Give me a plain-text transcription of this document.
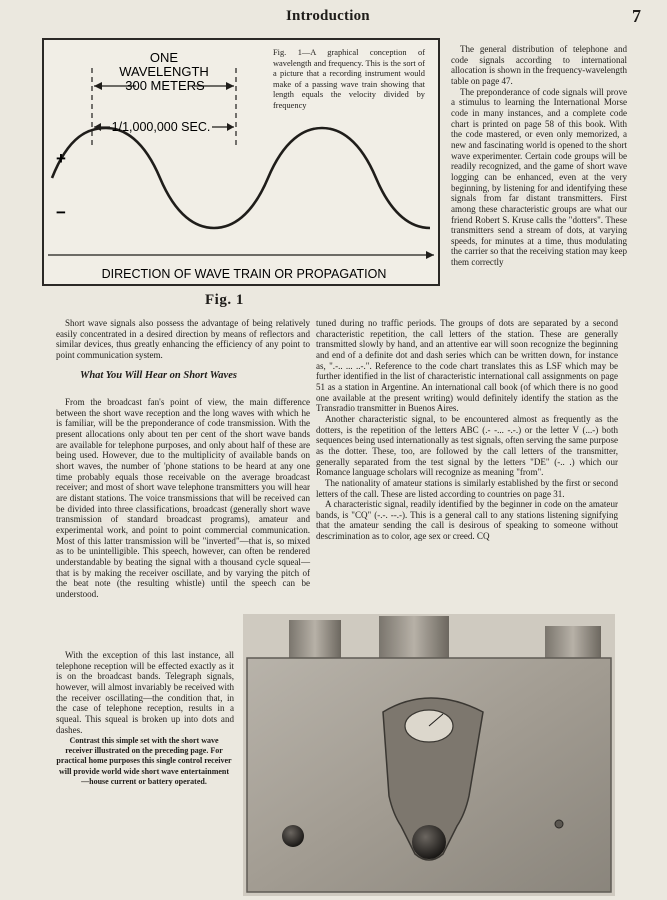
Introduction	7
ONE
WAVELENGTH
300 METERS
1/1,000,000 SEC.
+
−
DIRECTION OF WAVE TRAIN OR PROPAGATION
Fig. 1—A graphical conception of wavelength and frequency. This is the sort of a picture that a recording instrument would make of a passing wave train showing that length equals the velocity divided by frequency
Fig. 1

The general distribution of telephone and code signals according to international allocation is shown in the frequency-wavelength table on page 47.

The preponderance of code signals will prove a stimulus to learning the International Morse code in many instances, and a complete code chart is printed on page 58 of this book. With the code mastered, or even only memorized, a new and fascinating world is opened to the short wave experimenter. Certain code groups will be readily recognized, and the game of short wave logging can be enhanced, even at the very beginning, by listening for and identifying these signals from far distant transmitters. First among these characteristic groups are what our friend Robert S. Kruse calls the "dotters". These transmitters send a stream of dots, at varying speeds, for minutes at a time, thus modulating the carrier so that the receiving station may keep them correctly

Short wave signals also possess the advantage of being relatively easily concentrated in a desired direction by means of reflectors and similar devices, thus greatly enhancing the efficiency of any point to point communication system.

What You Will Hear on Short Waves

From the broadcast fan's point of view, the main difference between the short wave reception and the long waves with which he is familiar, will be the preponderance of code transmission. With the present allocations only about ten per cent of the short wave bands are available for telephone purposes, and only about half of these are being used. However, due to the multiplicity of available bands on short waves, the number of 'phone stations to be heard at any one time probably equals those receivable on the average broadcast receiver; and most of short wave telephone transmitters you will hear are distant stations. The voice transmissions that will be received can be divided into three classifications, broadcast (generally short wave transmission of standard broadcast programs), amateur and experimental work, and point to point commercial communication. Most of this latter transmission will be "inverted"—that is, so mixed as to be unintelligible. This speech, however, can often be rendered understandable by beating the signal with a thousand cycle squeal—that is by making the receiver oscillate, and by varying the pitch of the beat note (the resulting whistle) until the speech can be understood.

With the exception of this last instance, all telephone reception will be effected exactly as it is on the broadcast bands. Telegraph signals, however, will almost invariably be received with the receiver oscillating—the condition that, in the case of telephone reception, results in a squeal. This squeal is broken up into dots and dashes.

Contrast this simple set with the short wave receiver illustrated on the preceding page. For practical home purposes this single control receiver will provide world wide short wave entertainment—house current or battery operated.

tuned during no traffic periods. The groups of dots are separated by a second characteristic repetition, the call letters of the station. These are generally transmitted slowly by hand, and an attentive ear will soon recognize the beginning and end of a definite dot and dash series which can be written down, for instance as, ".-.. ... ..-.". Reference to the code chart translates this as LSF which may be further identified in the list of characteristic international call assignments on page 51 as a station in Argentine. An international call book (of which there is no good one available at the present writing) would definitely identify the station as the Transradio transmitter in Buenos Aires.

Another characteristic signal, to be encountered almost as frequently as the dotters, is the repetition of the letters ABC (.- -... -.-.) or the letter V (...-) both sequences being used internationally as test signals, often serving the same purpose as the dotter. These, too, are followed by the call letters of the transmitter, generally separated from the test signal by the letters "DE" (-.. .) which our Romance language scholars will recognize as meaning "from".

The nationality of amateur stations is similarly established by the first or second letters of the call. These are listed according to countries on page 31.

A characteristic signal, readily identified by the beginner in code on the amateur bands, is "CQ" (-.-. --.-). This is a general call to any stations listening signifying that the amateur sending the call is desirous of speaking to someone without descrimination as to color, age sex or creed. CQ
